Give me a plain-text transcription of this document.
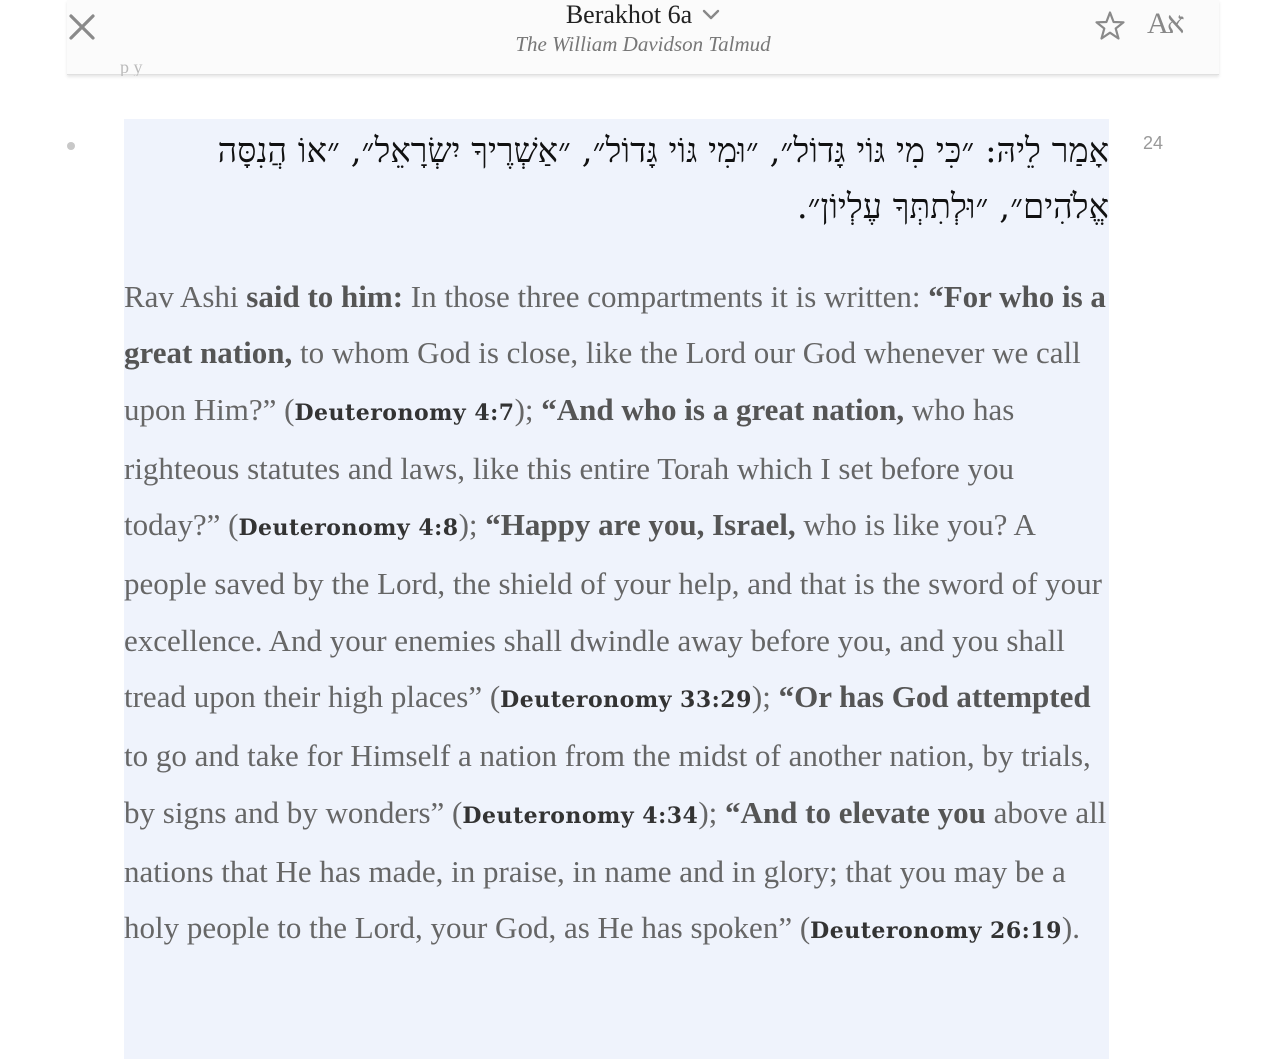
Berakhot 6a
The William Davidson Talmud
Aא
p y
24
אָמַר לֵיהּ: ״כִּי מִי גּוֹי גָּדוֹל״, ״וּמִי גּוֹי גָּדוֹל״, ״אַשְׁרֶיךָ יִשְׂרָאֵל״, ״אוֹ הֲנִסָּה אֱלֹהִים״, ״וּלְתִתְּךָ עֶלְיוֹן״.
Rav Ashi said to him: In those three compartments it is written: “For who is a great nation, to whom God is close, like the Lord our God whenever we call upon Him?” (Deuteronomy 4:7); “And who is a great nation, who has righteous statutes and laws, like this entire Torah which I set before you today?” (Deuteronomy 4:8); “Happy are you, Israel, who is like you? A people saved by the Lord, the shield of your help, and that is the sword of your excellence. And your enemies shall dwindle away before you, and you shall tread upon their high places” (Deuteronomy 33:29); “Or has God attempted to go and take for Himself a nation from the midst of another nation, by trials, by signs and by wonders” (Deuteronomy 4:34); “And to elevate you above all nations that He has made, in praise, in name and in glory; that you may be a holy people to the Lord, your God, as He has spoken” (Deuteronomy 26:19).
